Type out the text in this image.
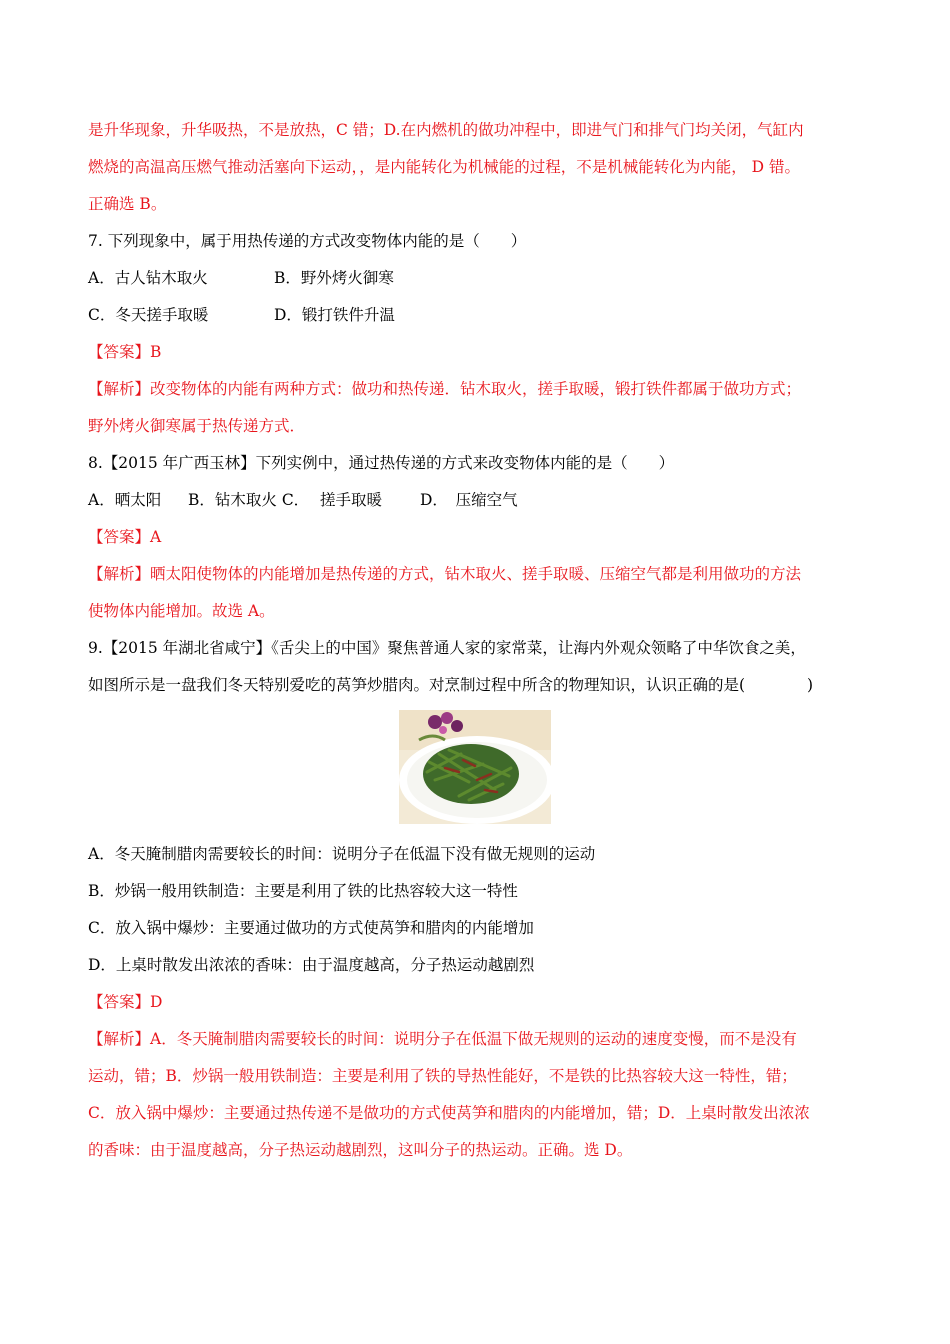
是升华现象，升华吸热，不是放热，C 错；D.在内燃机的做功冲程中，即进气门和排气门均关闭，气缸内
燃烧的高温高压燃气推动活塞向下运动，，是内能转化为机械能的过程，不是机械能转化为内能， D 错。
正确选 B。
7. 下列现象中，属于用热传递的方式改变物体内能的是（　　）
A．古人钻木取火	B．野外烤火御寒
C．冬天搓手取暖	D．锻打铁件升温
【答案】B
【解析】改变物体的内能有两种方式：做功和热传递．钻木取火，搓手取暖，锻打铁件都属于做功方式；
野外烤火御寒属于热传递方式．
8.【2015 年广西玉林】下列实例中，通过热传递的方式来改变物体内能的是（　　）
A．晒太阳 B．钻木取火 C． 搓手取暖 D．　压缩空气
【答案】A
【解析】晒太阳使物体的内能增加是热传递的方式，钻木取火、搓手取暖、压缩空气都是利用做功的方法
使物体内能增加。故选 A。
9.【2015 年湖北省咸宁】《舌尖上的中国》聚焦普通人家的家常菜，让海内外观众领略了中华饮食之美，
如图所示是一盘我们冬天特别爱吃的莴笋炒腊肉。对烹制过程中所含的物理知识，认识正确的是(　　　　)
A．冬天腌制腊肉需要较长的时间：说明分子在低温下没有做无规则的运动
B．炒锅一般用铁制造：主要是利用了铁的比热容较大这一特性
C．放入锅中爆炒：主要通过做功的方式使莴笋和腊肉的内能增加
D．上桌时散发出浓浓的香味：由于温度越高，分子热运动越剧烈
【答案】D
【解析】A．冬天腌制腊肉需要较长的时间：说明分子在低温下做无规则的运动的速度变慢，而不是没有
运动，错；B．炒锅一般用铁制造：主要是利用了铁的导热性能好，不是铁的比热容较大这一特性，错；
C．放入锅中爆炒：主要通过热传递不是做功的方式使莴笋和腊肉的内能增加，错；D．上桌时散发出浓浓
的香味：由于温度越高，分子热运动越剧烈，这叫分子的热运动。正确。选 D。
